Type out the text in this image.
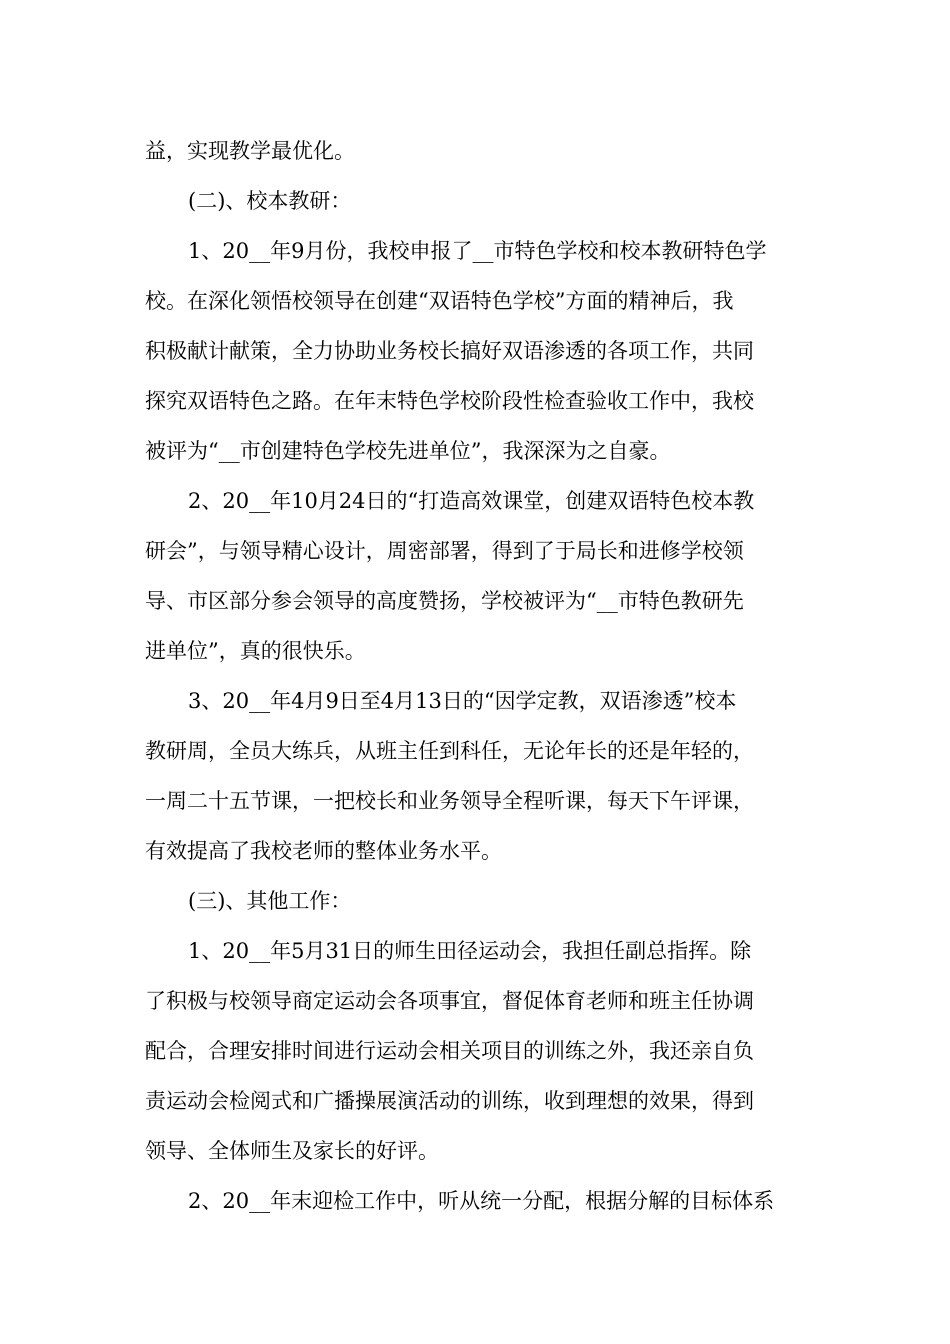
益，实现教学最优化。

(二)、校本教研：

1、20__年9月份，我校申报了__市特色学校和校本教研特色学

校。在深化领悟校领导在创建“双语特色学校”方面的精神后，我

积极献计献策，全力协助业务校长搞好双语渗透的各项工作，共同

探究双语特色之路。在年末特色学校阶段性检查验收工作中，我校

被评为“__市创建特色学校先进单位”，我深深为之自豪。

2、20__年10月24日的“打造高效课堂，创建双语特色校本教

研会”，与领导精心设计，周密部署，得到了于局长和进修学校领

导、市区部分参会领导的高度赞扬，学校被评为“__市特色教研先

进单位”，真的很快乐。

3、20__年4月9日至4月13日的“因学定教，双语渗透”校本

教研周，全员大练兵，从班主任到科任，无论年长的还是年轻的，

一周二十五节课，一把校长和业务领导全程听课，每天下午评课，

有效提高了我校老师的整体业务水平。

(三)、其他工作：

1、20__年5月31日的师生田径运动会，我担任副总指挥。除

了积极与校领导商定运动会各项事宜，督促体育老师和班主任协调

配合，合理安排时间进行运动会相关项目的训练之外，我还亲自负

责运动会检阅式和广播操展演活动的训练，收到理想的效果，得到

领导、全体师生及家长的好评。

2、20__年末迎检工作中，听从统一分配，根据分解的目标体系
